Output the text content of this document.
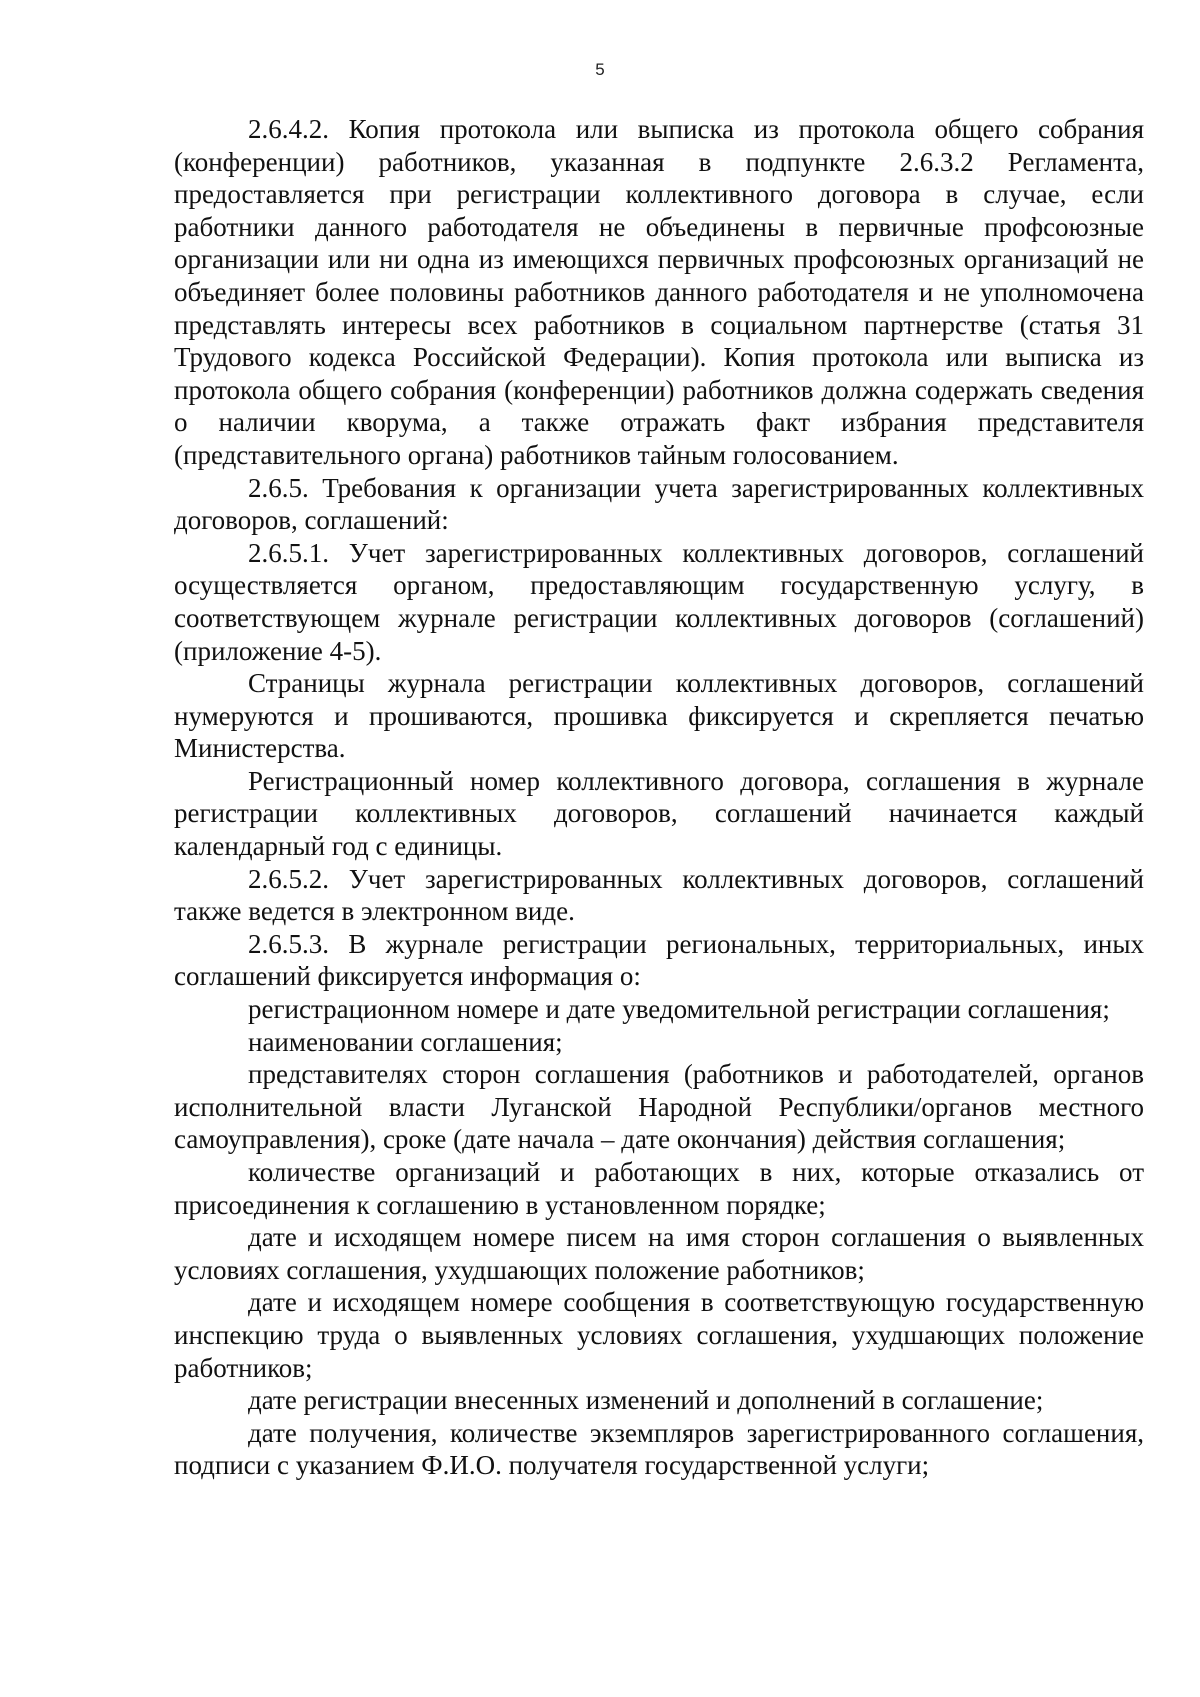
5

2.6.4.2. Копия протокола или выписка из протокола общего собрания (конференции) работников, указанная в подпункте 2.6.3.2 Регламента, предоставляется при регистрации коллективного договора в случае, если работники данного работодателя не объединены в первичные профсоюзные организации или ни одна из имеющихся первичных профсоюзных организаций не объединяет более половины работников данного работодателя и не уполномочена представлять интересы всех работников в социальном партнерстве (статья 31 Трудового кодекса Российской Федерации). Копия протокола или выписка из протокола общего собрания (конференции) работников должна содержать сведения о наличии кворума, а также отражать факт избрания представителя (представительного органа) работников тайным голосованием.

2.6.5. Требования к организации учета зарегистрированных коллективных договоров, соглашений:

2.6.5.1. Учет зарегистрированных коллективных договоров, соглашений осуществляется органом, предоставляющим государственную услугу, в соответствующем журнале регистрации коллективных договоров (соглашений) (приложение 4-5).

Страницы журнала регистрации коллективных договоров, соглашений нумеруются и прошиваются, прошивка фиксируется и скрепляется печатью Министерства.

Регистрационный номер коллективного договора, соглашения в журнале регистрации коллективных договоров, соглашений начинается каждый календарный год с единицы.

2.6.5.2. Учет зарегистрированных коллективных договоров, соглашений также ведется в электронном виде.

2.6.5.3. В журнале регистрации региональных, территориальных, иных соглашений фиксируется информация о:

регистрационном номере и дате уведомительной регистрации соглашения;

наименовании соглашения;

представителях сторон соглашения (работников и работодателей, органов исполнительной власти Луганской Народной Республики/органов местного самоуправления), сроке (дате начала – дате окончания) действия соглашения;

количестве организаций и работающих в них, которые отказались от присоединения к соглашению в установленном порядке;

дате и исходящем номере писем на имя сторон соглашения о выявленных условиях соглашения, ухудшающих положение работников;

дате и исходящем номере сообщения в соответствующую государственную инспекцию труда о выявленных условиях соглашения, ухудшающих положение работников;

дате регистрации внесенных изменений и дополнений в соглашение;

дате получения, количестве экземпляров зарегистрированного соглашения, подписи с указанием Ф.И.О. получателя государственной услуги;
